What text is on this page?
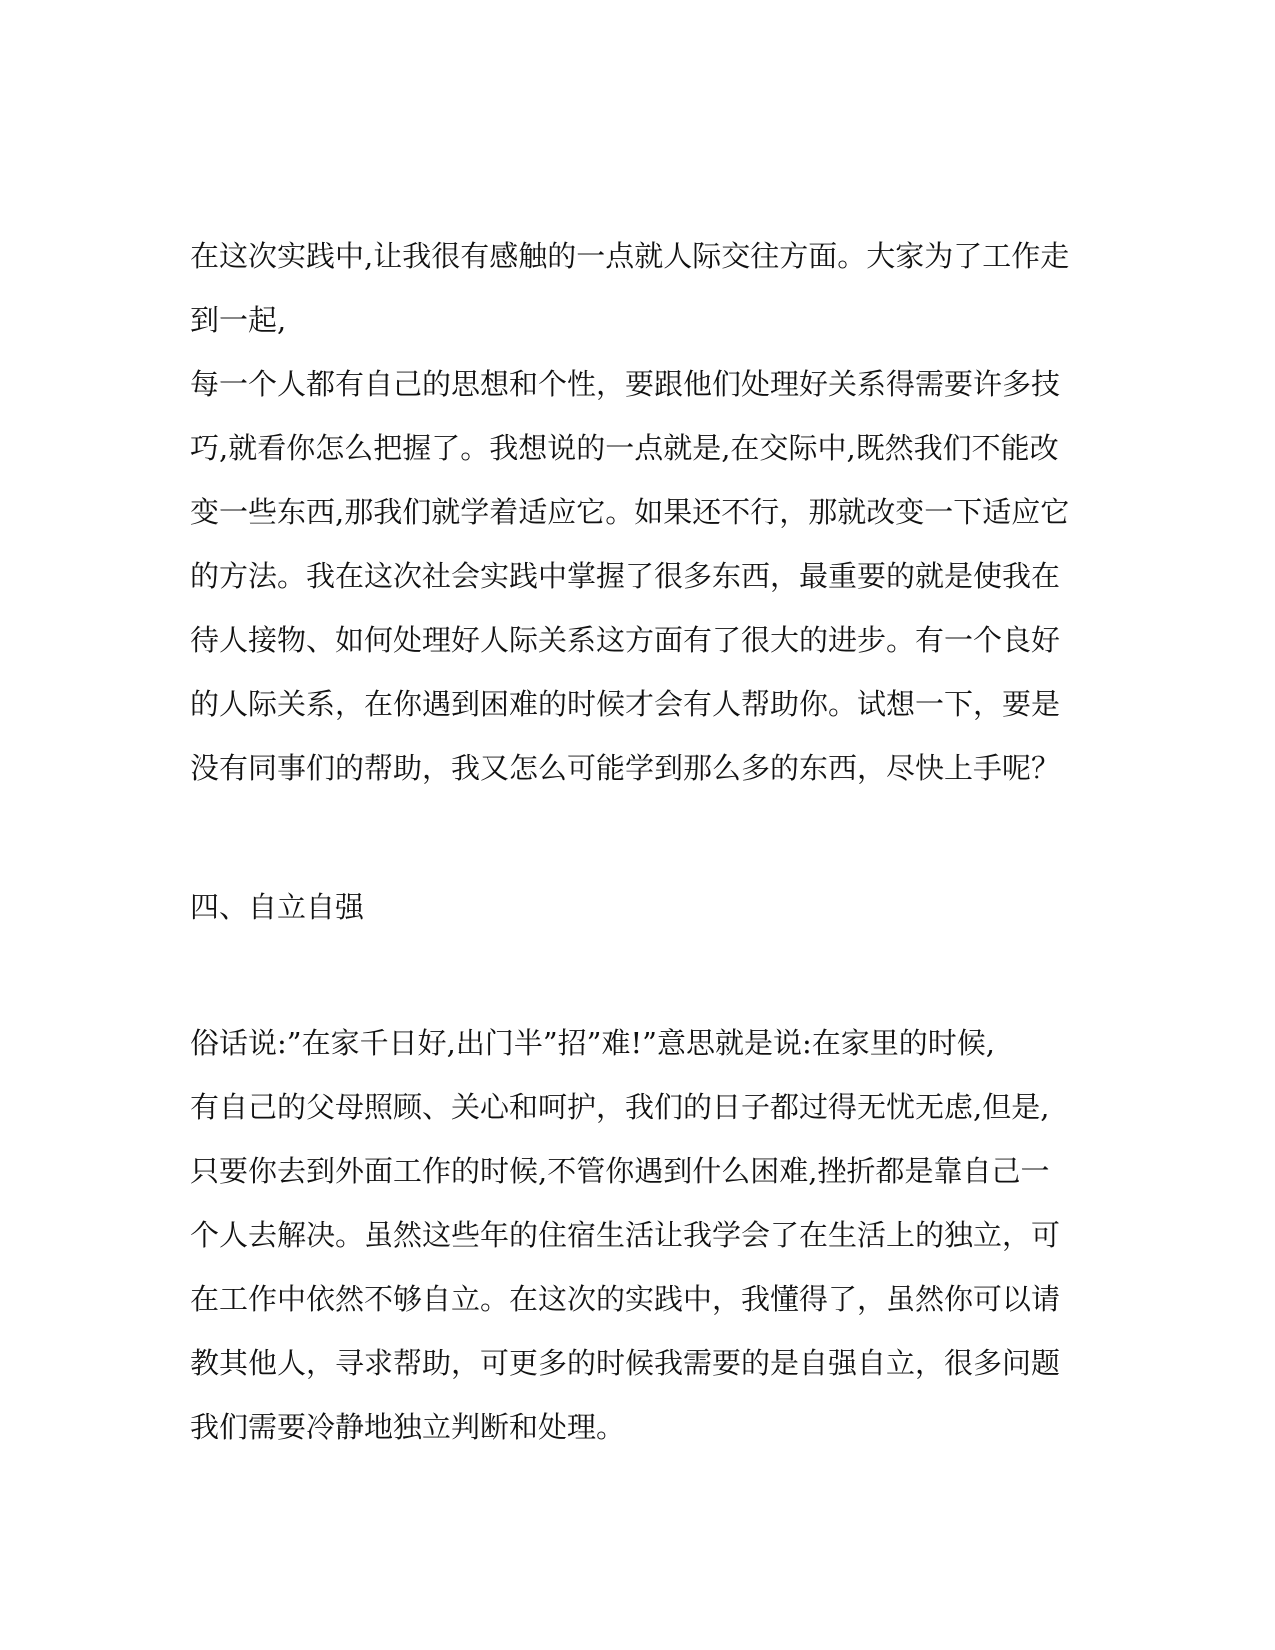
在这次实践中,让我很有感触的一点就人际交往方面。大家为了工作走
到一起,
每一个人都有自己的思想和个性，要跟他们处理好关系得需要许多技
巧,就看你怎么把握了。我想说的一点就是,在交际中,既然我们不能改
变一些东西,那我们就学着适应它。如果还不行，那就改变一下适应它
的方法。我在这次社会实践中掌握了很多东西，最重要的就是使我在
待人接物、如何处理好人际关系这方面有了很大的进步。有一个良好
的人际关系，在你遇到困难的时候才会有人帮助你。试想一下，要是
没有同事们的帮助，我又怎么可能学到那么多的东西，尽快上手呢？
四、自立自强
俗话说:”在家千日好,出门半”招”难!”意思就是说:在家里的时候,
有自己的父母照顾、关心和呵护，我们的日子都过得无忧无虑,但是,
只要你去到外面工作的时候,不管你遇到什么困难,挫折都是靠自己一
个人去解决。虽然这些年的住宿生活让我学会了在生活上的独立，可
在工作中依然不够自立。在这次的实践中，我懂得了，虽然你可以请
教其他人，寻求帮助，可更多的时候我需要的是自强自立，很多问题
我们需要冷静地独立判断和处理。
